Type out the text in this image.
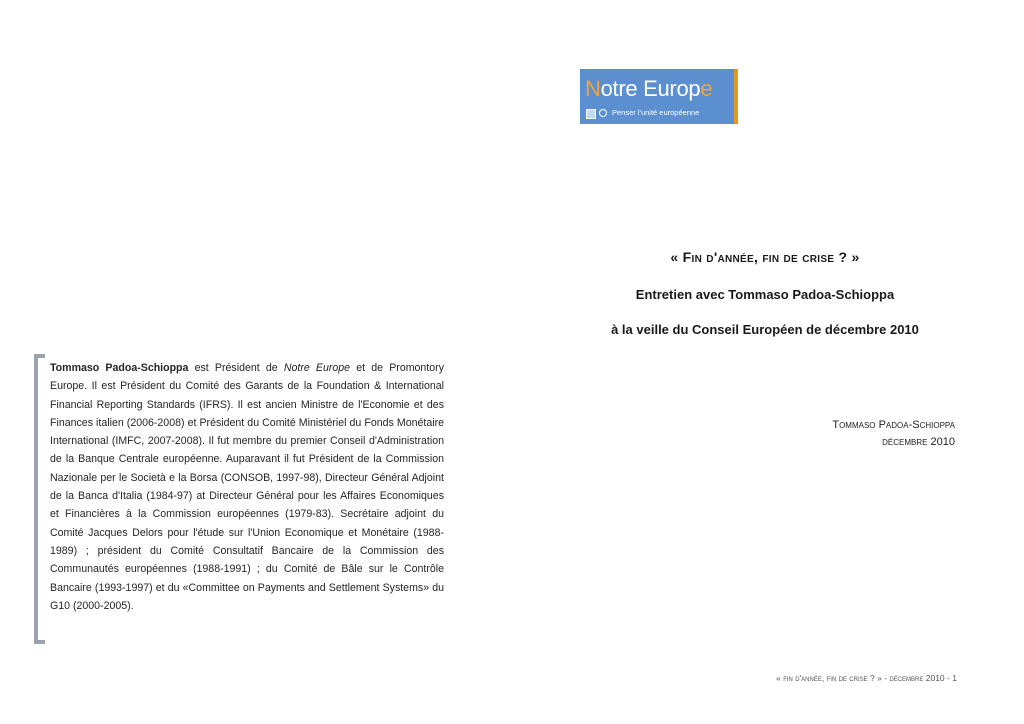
Notre Europe
Penser l'unité européenne
« Fin d'année, fin de crise ? »
Entretien avec Tommaso Padoa-Schioppa
à la veille du Conseil Européen de décembre 2010
Tommaso Padoa-Schioppa
décembre 2010

Tommaso Padoa-Schioppa est Président de Notre Europe et de Promontory Europe. Il est Président du Comité des Garants de la Foundation & International Financial Reporting Standards (IFRS). Il est ancien Ministre de l'Economie et des Finances italien (2006-2008) et Président du Comité Ministériel du Fonds Monétaire International (IMFC, 2007-2008). Il fut membre du premier Conseil d'Administration de la Banque Centrale européenne. Auparavant il fut Président de la Commission Nazionale per le Società e la Borsa (CONSOB, 1997-98), Directeur Général Adjoint de la Banca d'Italia (1984-97) at Directeur Général pour les Affaires Economiques et Financières à la Commission européennes (1979-83). Secrétaire adjoint du Comité Jacques Delors pour l'étude sur l'Union Economique et Monétaire (1988-1989) ; président du Comité Consultatif Bancaire de la Commission des Communautés européennes (1988-1991) ; du Comité de Bâle sur le Contrôle Bancaire (1993-1997) et du «Committee on Payments and Settlement Systems» du G10 (2000-2005).

« fin d'année, fin de crise ? » - décembre 2010 - 1
